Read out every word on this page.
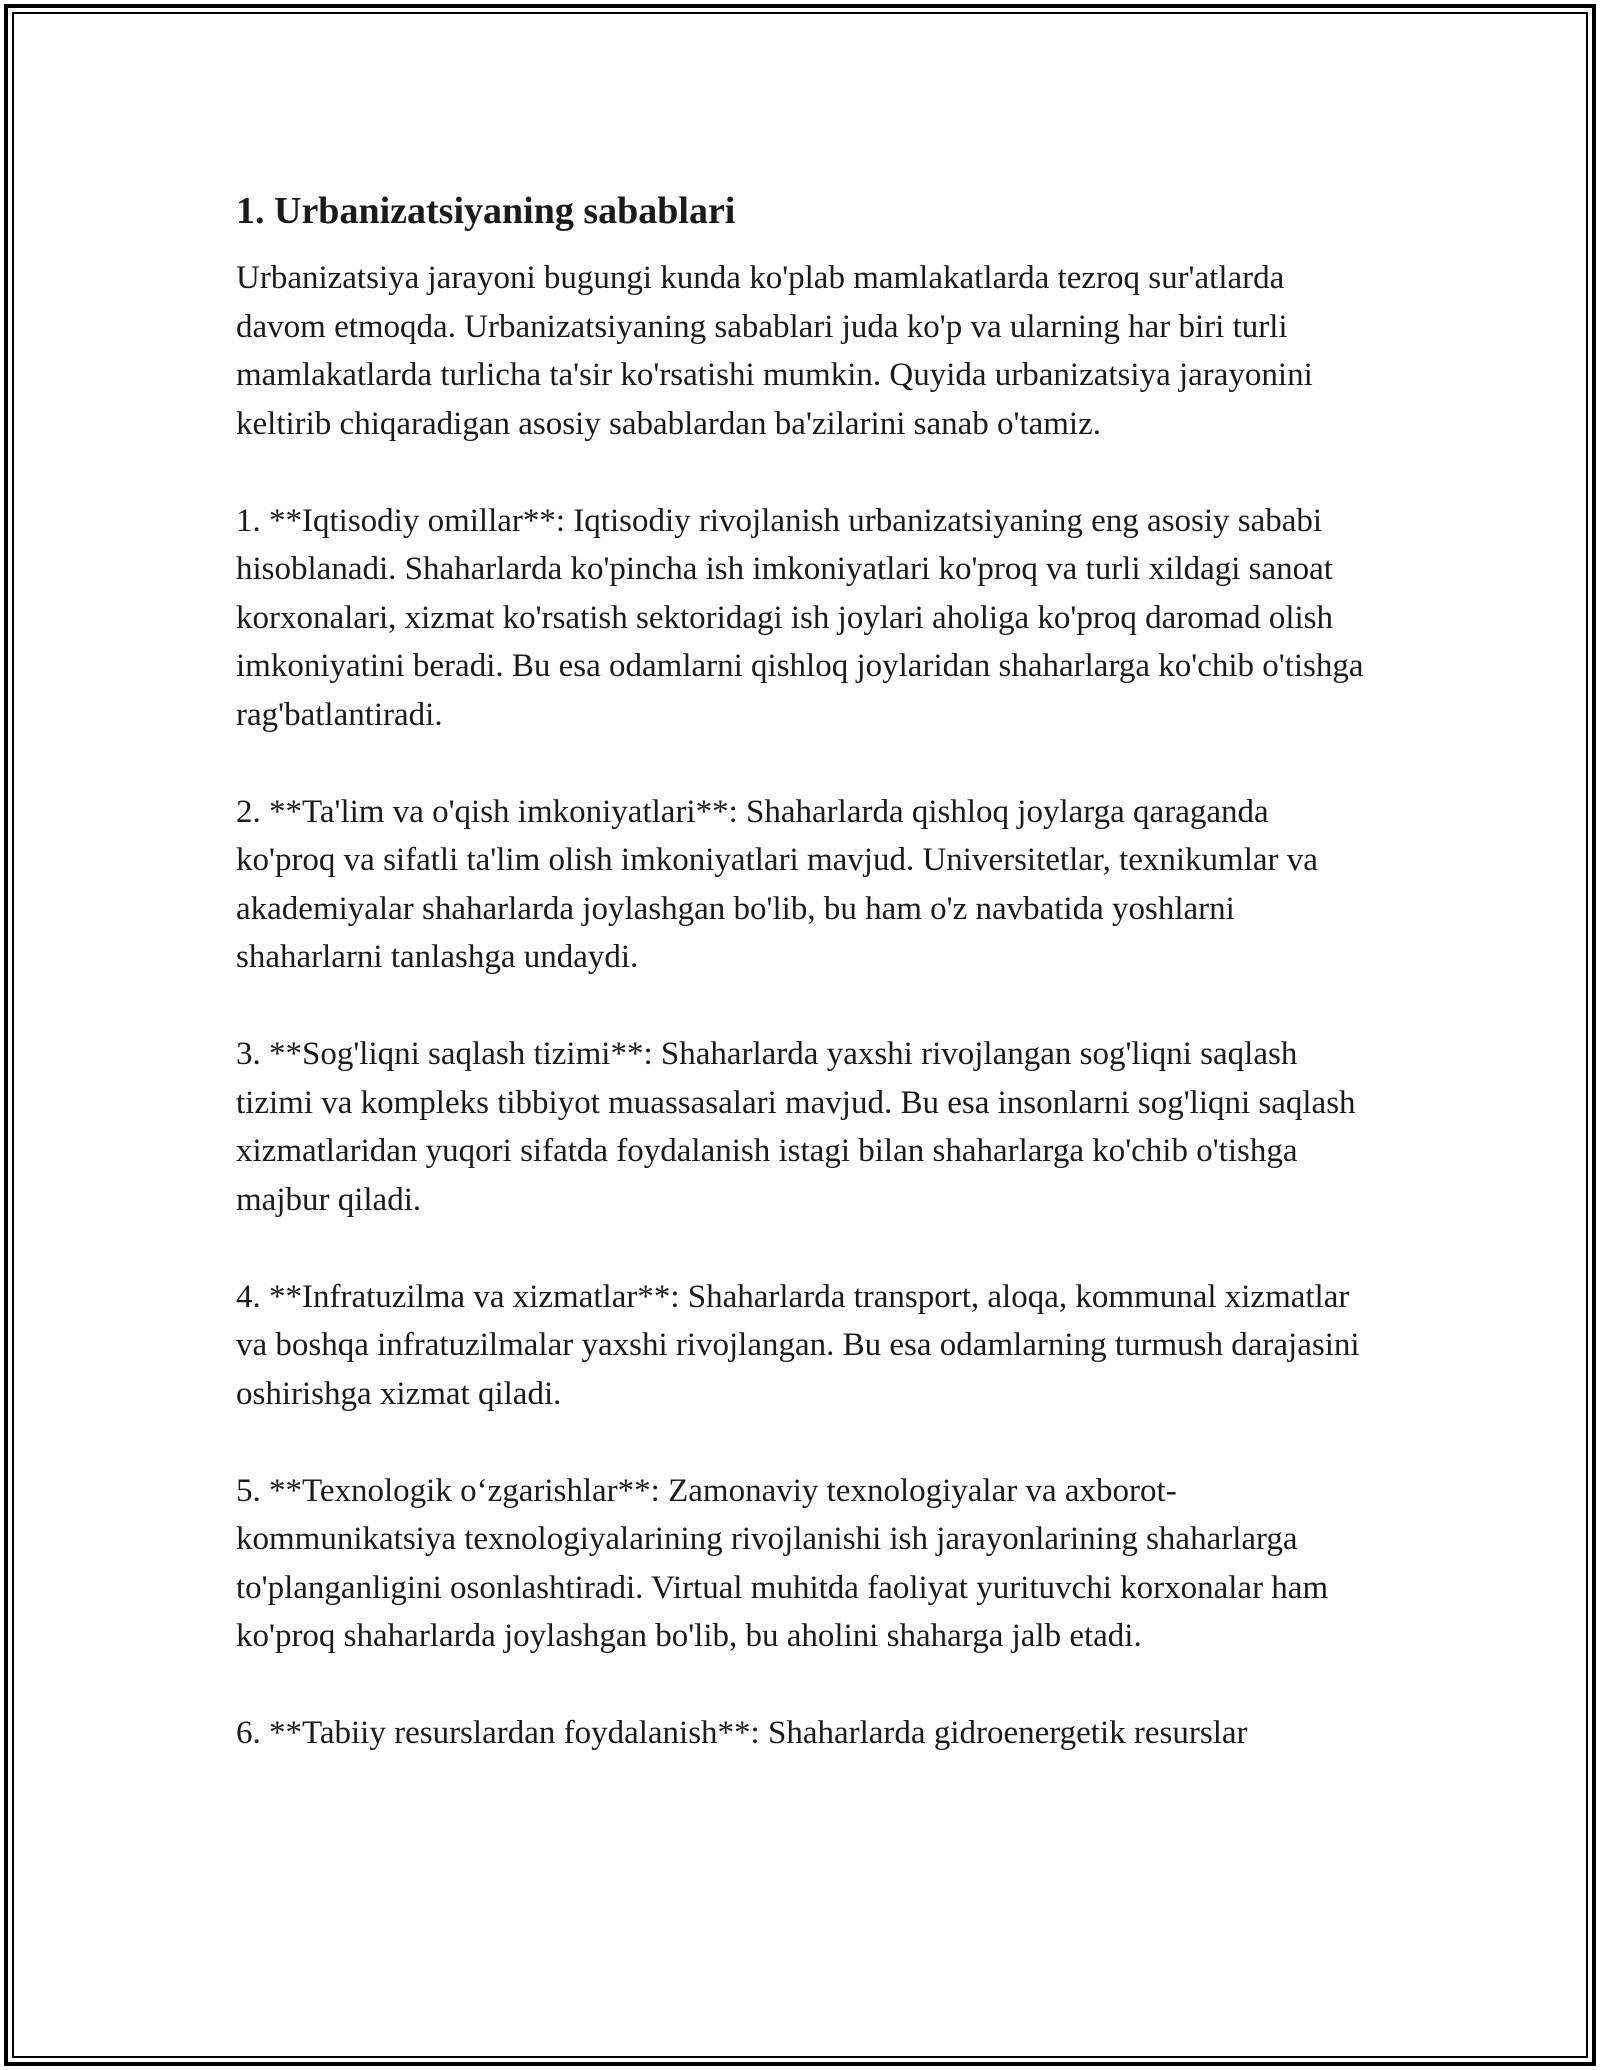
1. Urbanizatsiyaning sabablari

Urbanizatsiya jarayoni bugungi kunda ko'plab mamlakatlarda tezroq sur'atlarda davom etmoqda. Urbanizatsiyaning sabablari juda ko'p va ularning har biri turli mamlakatlarda turlicha ta'sir ko'rsatishi mumkin. Quyida urbanizatsiya jarayonini keltirib chiqaradigan asosiy sabablardan ba'zilarini sanab o'tamiz.

1. **Iqtisodiy omillar**: Iqtisodiy rivojlanish urbanizatsiyaning eng asosiy sababi hisoblanadi. Shaharlarda ko'pincha ish imkoniyatlari ko'proq va turli xildagi sanoat korxonalari, xizmat ko'rsatish sektoridagi ish joylari aholiga ko'proq daromad olish imkoniyatini beradi. Bu esa odamlarni qishloq joylaridan shaharlarga ko'chib o'tishga rag'batlantiradi.

2. **Ta'lim va o'qish imkoniyatlari**: Shaharlarda qishloq joylarga qaraganda ko'proq va sifatli ta'lim olish imkoniyatlari mavjud. Universitetlar, texnikumlar va akademiyalar shaharlarda joylashgan bo'lib, bu ham o'z navbatida yoshlarni shaharlarni tanlashga undaydi.

3. **Sog'liqni saqlash tizimi**: Shaharlarda yaxshi rivojlangan sog'liqni saqlash tizimi va kompleks tibbiyot muassasalari mavjud. Bu esa insonlarni sog'liqni saqlash xizmatlaridan yuqori sifatda foydalanish istagi bilan shaharlarga ko'chib o'tishga majbur qiladi.

4. **Infratuzilma va xizmatlar**: Shaharlarda transport, aloqa, kommunal xizmatlar va boshqa infratuzilmalar yaxshi rivojlangan. Bu esa odamlarning turmush darajasini oshirishga xizmat qiladi.

5. **Texnologik o‘zgarishlar**: Zamonaviy texnologiyalar va axborot-kommunikatsiya texnologiyalarining rivojlanishi ish jarayonlarining shaharlarga to'planganligini osonlashtiradi. Virtual muhitda faoliyat yurituvchi korxonalar ham ko'proq shaharlarda joylashgan bo'lib, bu aholini shaharga jalb etadi.

6. **Tabiiy resurslardan foydalanish**: Shaharlarda gidroenergetik resurslar
